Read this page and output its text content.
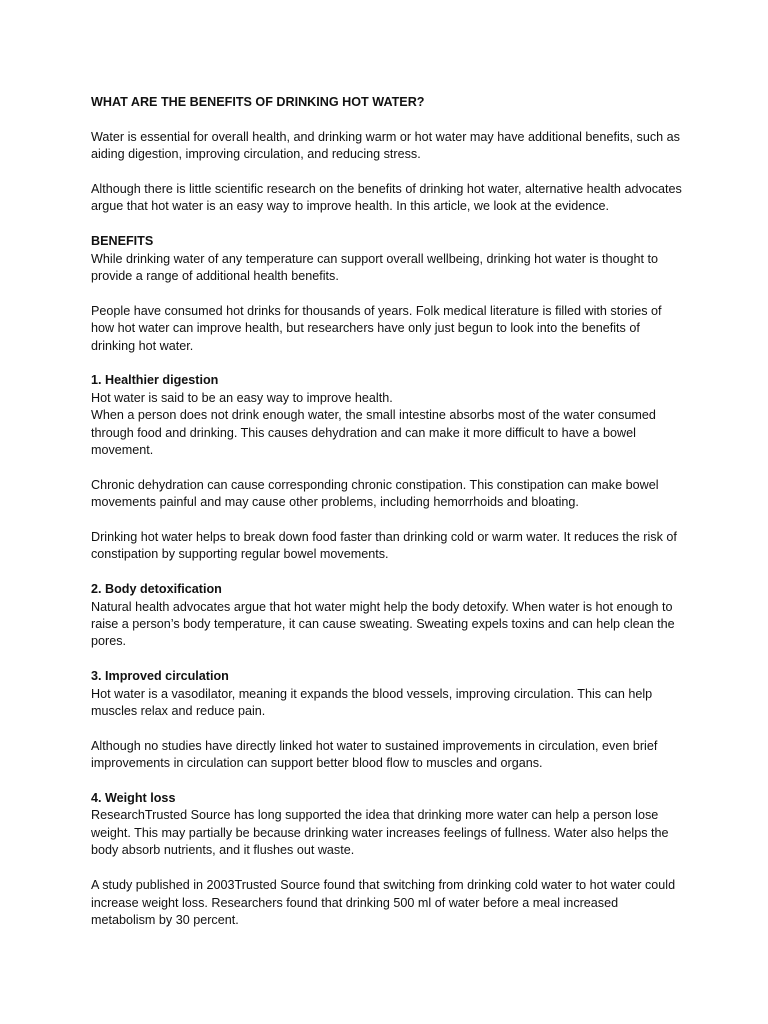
WHAT ARE THE BENEFITS OF DRINKING HOT WATER?

Water is essential for overall health, and drinking warm or hot water may have additional benefits, such as aiding digestion, improving circulation, and reducing stress.

Although there is little scientific research on the benefits of drinking hot water, alternative health advocates argue that hot water is an easy way to improve health. In this article, we look at the evidence.

BENEFITS

While drinking water of any temperature can support overall wellbeing, drinking hot water is thought to provide a range of additional health benefits.

People have consumed hot drinks for thousands of years. Folk medical literature is filled with stories of how hot water can improve health, but researchers have only just begun to look into the benefits of drinking hot water.

1. Healthier digestion

Hot water is said to be an easy way to improve health.

When a person does not drink enough water, the small intestine absorbs most of the water consumed through food and drinking. This causes dehydration and can make it more difficult to have a bowel movement.

Chronic dehydration can cause corresponding chronic constipation. This constipation can make bowel movements painful and may cause other problems, including hemorrhoids and bloating.

Drinking hot water helps to break down food faster than drinking cold or warm water. It reduces the risk of constipation by supporting regular bowel movements.

2. Body detoxification

Natural health advocates argue that hot water might help the body detoxify. When water is hot enough to raise a person’s body temperature, it can cause sweating. Sweating expels toxins and can help clean the pores.

3. Improved circulation

Hot water is a vasodilator, meaning it expands the blood vessels, improving circulation. This can help muscles relax and reduce pain.

Although no studies have directly linked hot water to sustained improvements in circulation, even brief improvements in circulation can support better blood flow to muscles and organs.

4. Weight loss

ResearchTrusted Source has long supported the idea that drinking more water can help a person lose weight. This may partially be because drinking water increases feelings of fullness. Water also helps the body absorb nutrients, and it flushes out waste.

A study published in 2003Trusted Source found that switching from drinking cold water to hot water could increase weight loss. Researchers found that drinking 500 ml of water before a meal increased metabolism by 30 percent.
